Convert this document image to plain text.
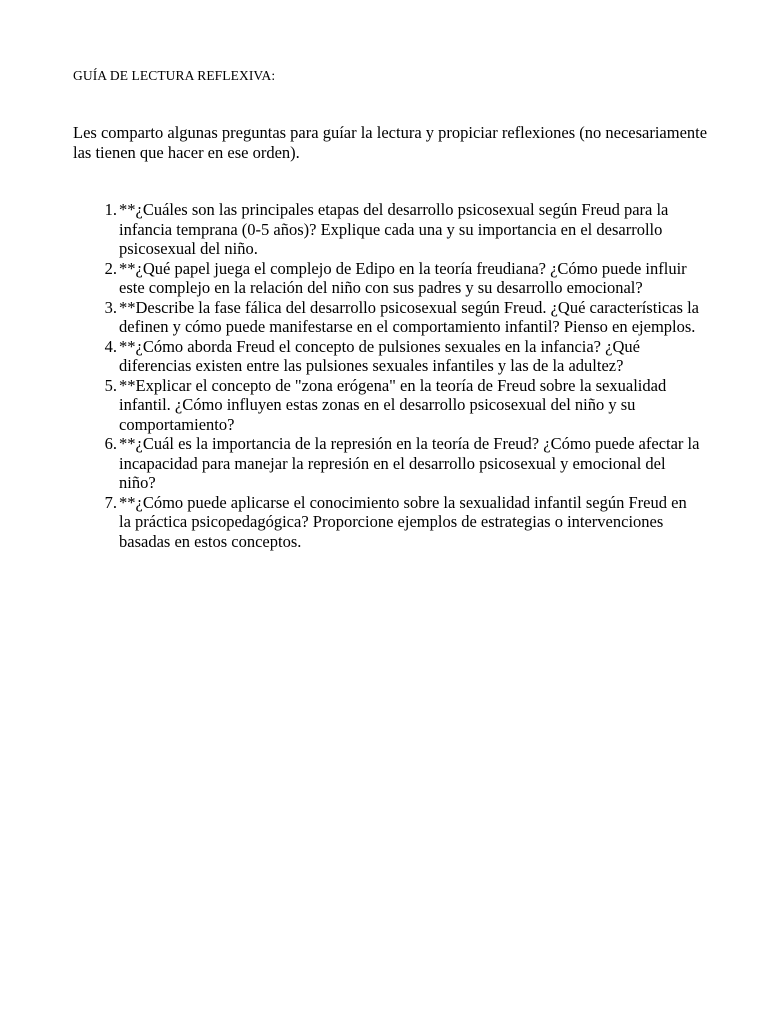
GUÍA DE LECTURA REFLEXIVA:
Les comparto algunas preguntas para guíar la lectura y propiciar reflexiones (no necesariamente las tienen que hacer en ese orden).
1. **¿Cuáles son las principales etapas del desarrollo psicosexual según Freud para la infancia temprana (0-5 años)? Explique cada una y su importancia en el desarrollo psicosexual del niño.
2. **¿Qué papel juega el complejo de Edipo en la teoría freudiana? ¿Cómo puede influir este complejo en la relación del niño con sus padres y su desarrollo emocional?
3. **Describe la fase fálica del desarrollo psicosexual según Freud. ¿Qué características la definen y cómo puede manifestarse en el comportamiento infantil? Pienso en ejemplos.
4. **¿Cómo aborda Freud el concepto de pulsiones sexuales en la infancia? ¿Qué diferencias existen entre las pulsiones sexuales infantiles y las de la adultez?
5. **Explicar el concepto de "zona erógena" en la teoría de Freud sobre la sexualidad infantil. ¿Cómo influyen estas zonas en el desarrollo psicosexual del niño y su comportamiento?
6. **¿Cuál es la importancia de la represión en la teoría de Freud? ¿Cómo puede afectar la incapacidad para manejar la represión en el desarrollo psicosexual y emocional del niño?
7. **¿Cómo puede aplicarse el conocimiento sobre la sexualidad infantil según Freud en la práctica psicopedagógica? Proporcione ejemplos de estrategias o intervenciones basadas en estos conceptos.
